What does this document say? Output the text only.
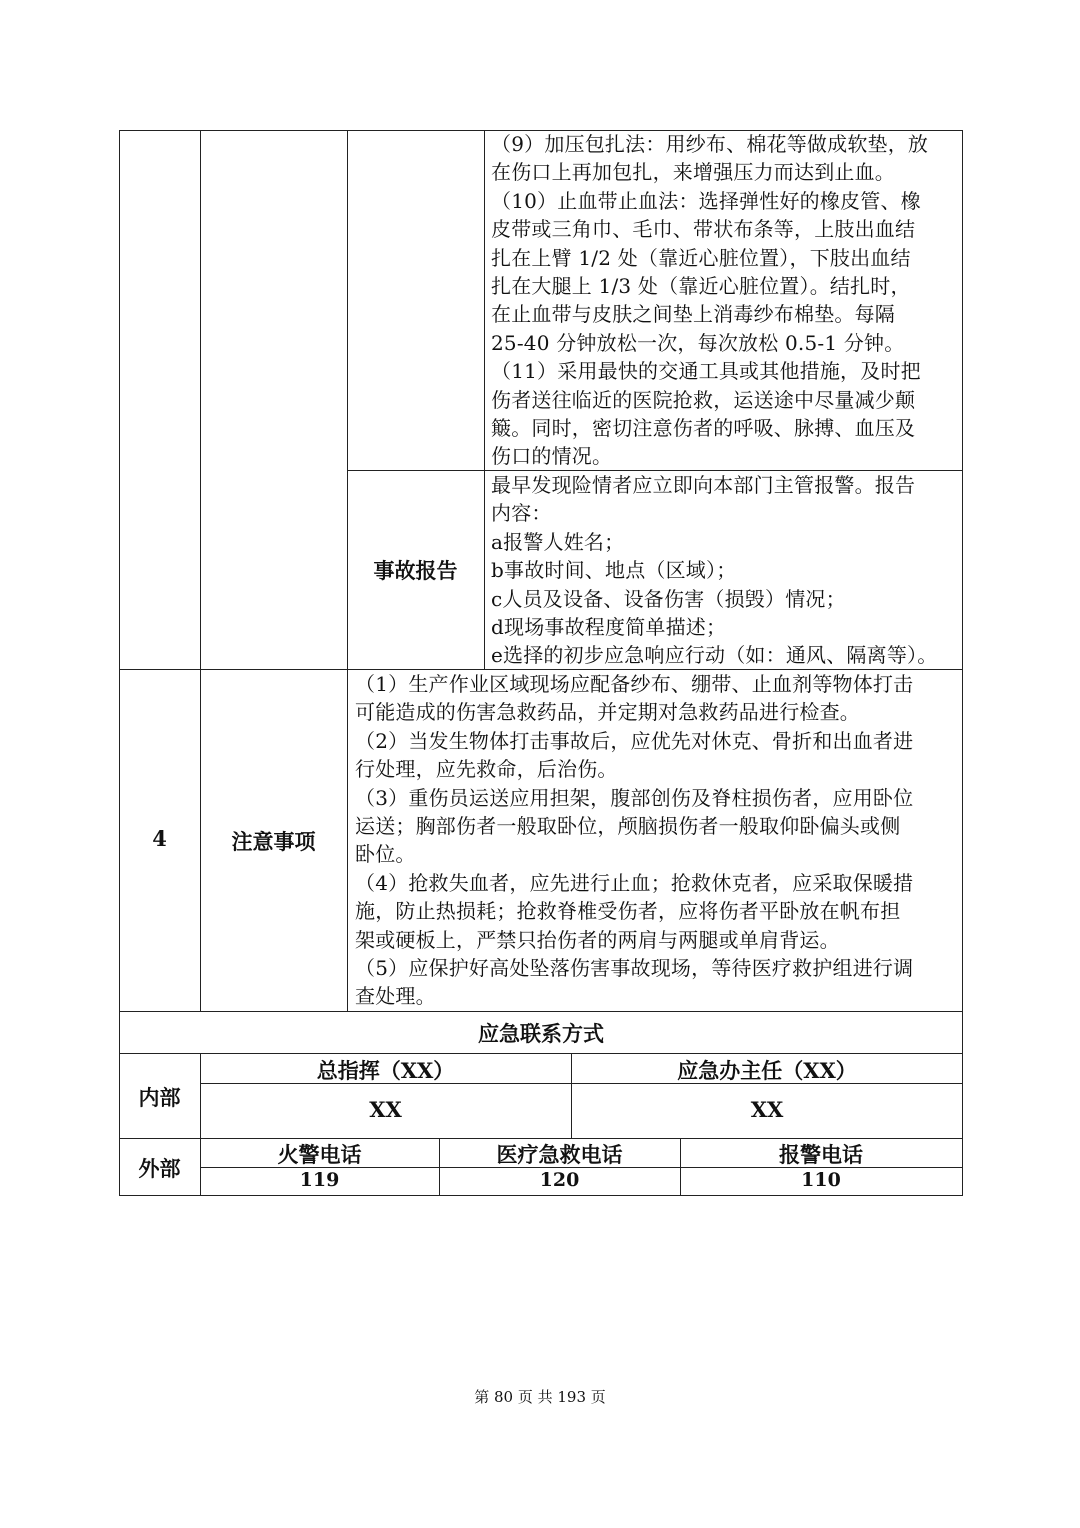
（9）加压包扎法：用纱布、棉花等做成软垫，放
在伤口上再加包扎，来增强压力而达到止血。
（10）止血带止血法：选择弹性好的橡皮管、橡
皮带或三角巾、毛巾、带状布条等，上肢出血结
扎在上臂 1/2 处（靠近心脏位置），下肢出血结
扎在大腿上 1/3 处（靠近心脏位置）。结扎时，
在止血带与皮肤之间垫上消毒纱布棉垫。每隔
25-40 分钟放松一次，每次放松 0.5-1 分钟。
（11）采用最快的交通工具或其他措施，及时把
伤者送往临近的医院抢救，运送途中尽量减少颠
簸。同时，密切注意伤者的呼吸、脉搏、血压及
伤口的情况。
事故报告
最早发现险情者应立即向本部门主管报警。报告
内容：
a报警人姓名；
b事故时间、地点（区域）；
c人员及设备、设备伤害（损毁）情况；
d现场事故程度简单描述；
e选择的初步应急响应行动（如：通风、隔离等）。
4	注意事项
（1）生产作业区域现场应配备纱布、绷带、止血剂等物体打击
可能造成的伤害急救药品，并定期对急救药品进行检查。
（2）当发生物体打击事故后，应优先对休克、骨折和出血者进
行处理，应先救命，后治伤。
（3）重伤员运送应用担架，腹部创伤及脊柱损伤者，应用卧位
运送；胸部伤者一般取卧位，颅脑损伤者一般取仰卧偏头或侧
卧位。
（4）抢救失血者，应先进行止血；抢救休克者，应采取保暖措
施，防止热损耗；抢救脊椎受伤者，应将伤者平卧放在帆布担
架或硬板上，严禁只抬伤者的两肩与两腿或单肩背运。
（5）应保护好高处坠落伤害事故现场，等待医疗救护组进行调
查处理。
应急联系方式
内部
总指挥（XX）	应急办主任（XX）
XX	XX
外部
火警电话	医疗急救电话	报警电话
119	120	110
第 80 页 共 193 页
